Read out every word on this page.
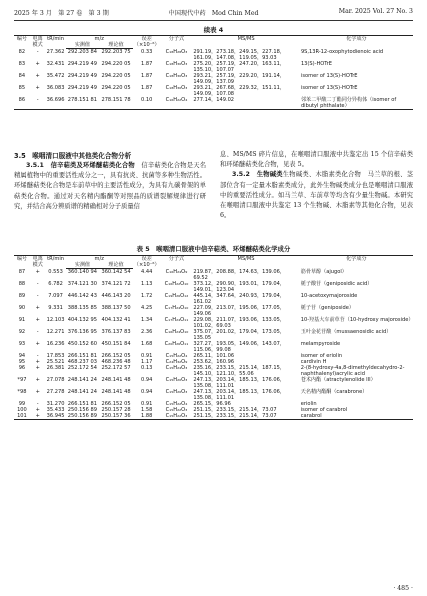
2025 年 3 月　第 27 卷　第 3 期	中国现代中药　Mod Chin Med	Mar. 2025 Vol. 27 No. 3
续表 4
编号	电离模式	tR/min	m/z		误差（×10⁻⁶）	分子式	MS/MS	化学成分
			实测值	理论值				
82	-	27.362	292.203 84	292.203 75	0.33	C₁₈H₂₈O₃	291.19，273.18，249.15，227.18，161.09，147.08，119.05，93.03	9S,13R-12-oxophytodienoic acid
83	+	32.431	294.219 49	294.220 05	1.87	C₁₈H₃₀O₃	275.20，257.19，247.20，163.11，135.10，107.07	13(S)-HOTrE
84	+	35.472	294.219 49	294.220 05	1.87	C₁₈H₃₀O₃	293.21，257.19，229.20，191.14，149.09，137.09	isomer of 13(S)-HOTrE
85	+	36.083	294.219 49	294.220 05	1.87	C₁₈H₃₀O₃	293.21，267.68，229.32，151.11，149.09，107.08	isomer of 13(S)-HOTrE
86	-	36.696	278.151 81	278.151 78	0.10	C₁₆H₂₂O₄	277.14，149.02	邻苯二甲酸二丁酯同分异构体（isomer of dibutyl phthalate）
3.5　喉咽清口服液中其他类化合物分析

3.5.1　 信辛萜类及环烯醚萜类化合物　 信辛萜类化合物是天名精属植物中的重要活性成分之一，具有抗炎、抗菌等多种生物活性。环烯醚萜类化合物是车前草中的主要活性成分，为具有九碳骨架的单萜类化合物。通过对天名精内酯酮等对照品的质谱裂解规律进行研究，并结合高分辨质谱的精确相对分子质量信

息、MS/MS 碎片信息，在喉咽清口服液中共鉴定出 15 个信辛萜类和环烯醚萜类化合物，见表 5。

3.5.2　 生物碱类生物碱类、木脂素类化合物　马兰草的根、茎部位含有一定量木脂素类成分，此外生物碱类成分也是喉咽清口服液中的重要活性成分。如马兰草、车前草等均含有少量生物碱。本研究在喉咽清口服液中共鉴定 13 个生物碱、木脂素等其他化合物，见表 6。

表 5　喉咽清口服液中信辛萜类、环烯醚萜类化学成分
编号	电离模式	tR/min	m/z		误差（×10⁻⁶）	分子式	MS/MS	化学成分
			实测值	理论值				
87	+	0.553	360.140 94	360.142 54	4.44	C₁₆H₂₄O₉	219.87，208.88，174.63，139.06，69.52	筋骨草醇（ajugol）
88	-	6.782	374.121 30	374.121 72	1.13	C₁₆H₂₂O₁₀	373.12，290.90，193.01，179.04，149.01，123.04	栀子酸苷（geniposidic acid）
89	-	7.097	446.142 43	446.143 20	1.72	C₁₉H₂₆O₁₂	445.14，347.64，240.93，179.04，161.02	10-acetoxymajoroside
90	+	9.331	388.135 85	388.137 50	4.25	C₁₇H₂₄O₁₀	227.09，213.07，195.06，177.05，149.06	栀子苷（geniposide）
91	+	12.103	404.132 95	404.132 41	1.34	C₁₇H₂₄O₁₁	229.08，211.07，193.06，133.05，101.02，69.03	10-羟基大车前草苷（10-hydroxy majoroside）
92	-	12.271	376.136 95	376.137 83	2.36	C₁₆H₂₄O₁₀	375.07，201.02，179.04，173.05，135.05	玉叶金花苷酸（mussaenosidic acid）
93	+	16.236	450.152 60	450.151 84	1.68	C₂₀H₂₆O₁₁	327.27，193.05，149.06，143.07，115.06，99.08	melampyroside
94	-	17.853	266.151 81	266.152 05	0.91	C₁₅H₂₂O₄	265.11，101.06	isomer of eriolin
95	+	25.521	468.237 03	468.236 48	1.17	C₂₄H₃₂O₉	253.62，160.96	cardivin H
96	+	26.381	252.172 54	252.172 57	0.13	C₁₅H₂₄O₃	235.16，233.15，215.14，187.15，145.10，121.10，55.06	2-(8-hydroxy-4a,8-dimethyldecahydro-2-naphthalenyl)acrylic acid
*97	+	27.078	248.141 24	248.141 48	0.94	C₁₅H₂₀O₃	247.13，203.14，185.13，176.06，135.08，111.01	苍术内酯（atractylenolide III）
*98	+	27.278	248.141 24	248.141 48	0.94	C₁₅H₂₀O₃	247.13，203.14，185.13，176.06，135.08，111.01	天名精内酯酮（carabrone）
99	-	31.270	266.151 81	266.152 05	0.91	C₁₅H₂₂O₄	265.15，96.96	eriolin
100	+	35.433	250.156 89	250.157 28	1.58	C₁₅H₂₂O₃	251.15，233.15，215.14，73.07	isomer of carabrol
101	+	36.945	250.156 89	250.157 36	1.88	C₁₅H₂₂O₃	251.15，233.15，215.14，73.07	carabrol
· 485 ·
